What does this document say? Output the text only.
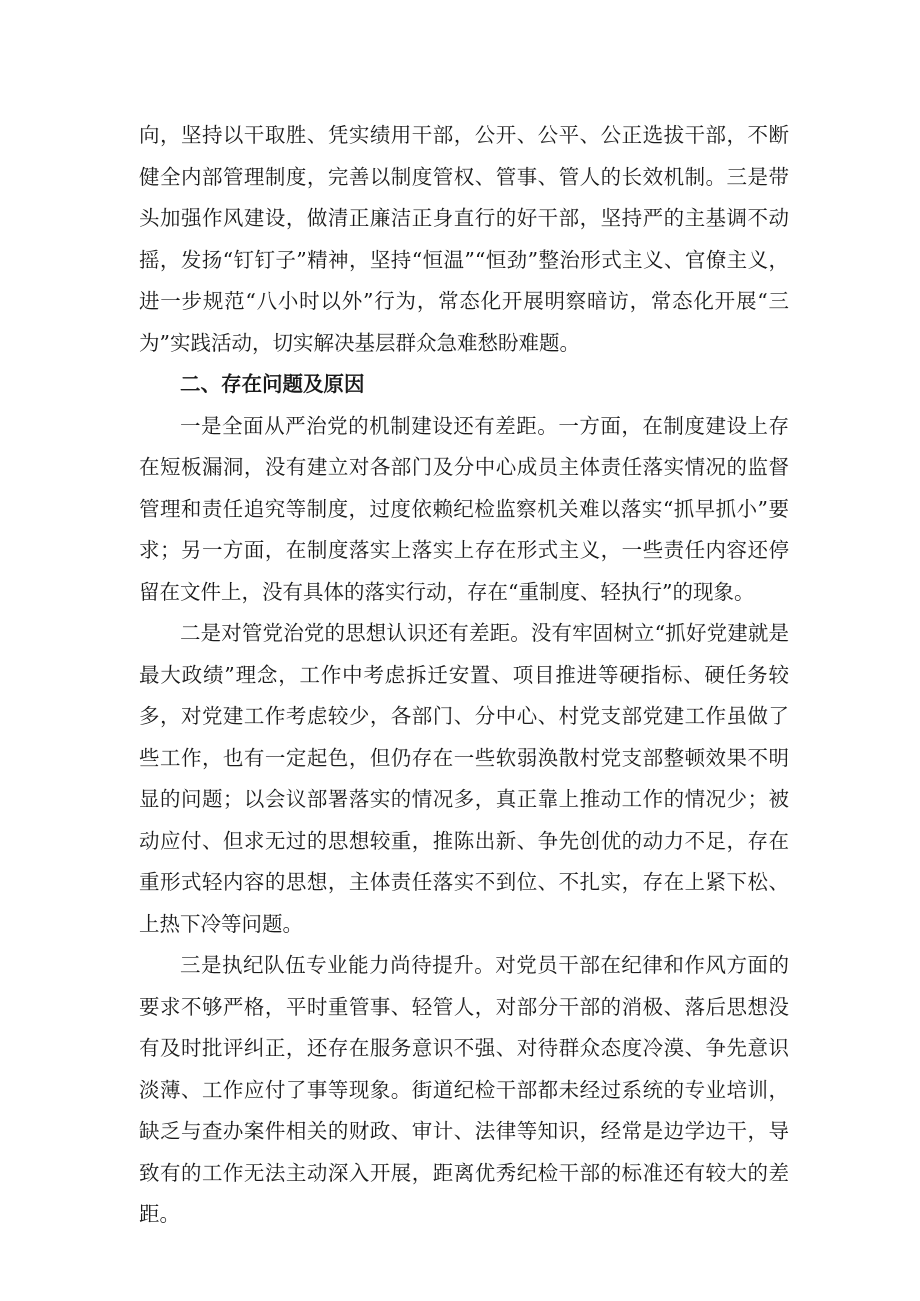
向，坚持以干取胜、凭实绩用干部，公开、公平、公正选拔干部，不断健全内部管理制度，完善以制度管权、管事、管人的长效机制。三是带头加强作风建设，做清正廉洁正身直行的好干部，坚持严的主基调不动摇，发扬“钉钉子”精神，坚持“恒温”“恒劲”整治形式主义、官僚主义，进一步规范“八小时以外”行为，常态化开展明察暗访，常态化开展“三为”实践活动，切实解决基层群众急难愁盼难题。

二、存在问题及原因

一是全面从严治党的机制建设还有差距。一方面，在制度建设上存在短板漏洞，没有建立对各部门及分中心成员主体责任落实情况的监督管理和责任追究等制度，过度依赖纪检监察机关难以落实“抓早抓小”要求；另一方面，在制度落实上落实上存在形式主义，一些责任内容还停留在文件上，没有具体的落实行动，存在“重制度、轻执行”的现象。

二是对管党治党的思想认识还有差距。没有牢固树立“抓好党建就是最大政绩”理念，工作中考虑拆迁安置、项目推进等硬指标、硬任务较多，对党建工作考虑较少，各部门、分中心、村党支部党建工作虽做了些工作，也有一定起色，但仍存在一些软弱涣散村党支部整顿效果不明显的问题；以会议部署落实的情况多，真正靠上推动工作的情况少；被动应付、但求无过的思想较重，推陈出新、争先创优的动力不足，存在重形式轻内容的思想，主体责任落实不到位、不扎实，存在上紧下松、上热下冷等问题。

三是执纪队伍专业能力尚待提升。对党员干部在纪律和作风方面的要求不够严格，平时重管事、轻管人，对部分干部的消极、落后思想没有及时批评纠正，还存在服务意识不强、对待群众态度冷漠、争先意识淡薄、工作应付了事等现象。街道纪检干部都未经过系统的专业培训，缺乏与查办案件相关的财政、审计、法律等知识，经常是边学边干，导致有的工作无法主动深入开展，距离优秀纪检干部的标准还有较大的差距。
